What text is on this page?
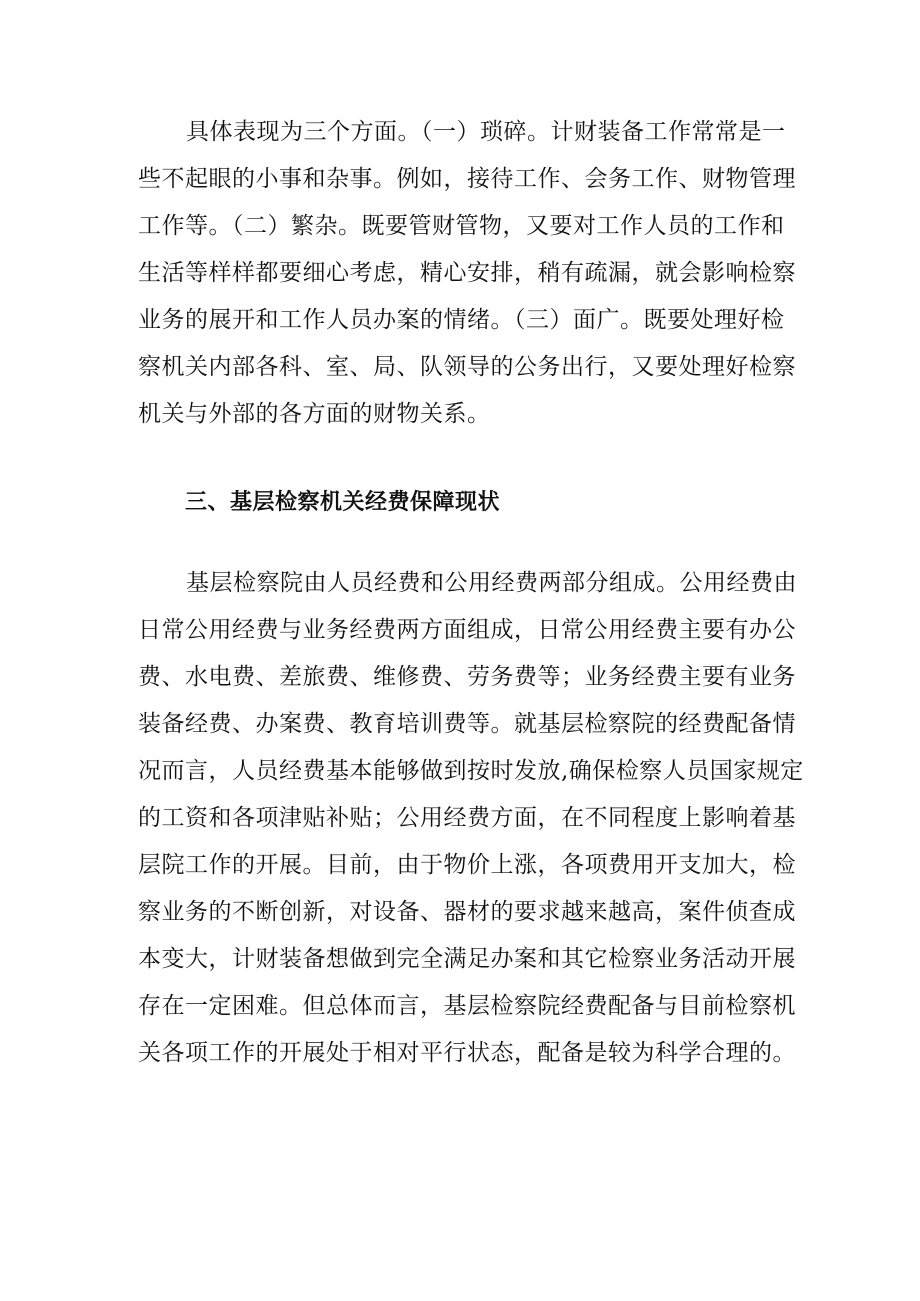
具体表现为三个方面。（一）琐碎。计财装备工作常常是一
些不起眼的小事和杂事。例如，接待工作、会务工作、财物管理
工作等。（二）繁杂。既要管财管物，又要对工作人员的工作和
生活等样样都要细心考虑，精心安排，稍有疏漏，就会影响检察
业务的展开和工作人员办案的情绪。（三）面广。既要处理好检
察机关内部各科、室、局、队领导的公务出行，又要处理好检察
机关与外部的各方面的财物关系。
三、基层检察机关经费保障现状
基层检察院由人员经费和公用经费两部分组成。公用经费由
日常公用经费与业务经费两方面组成，日常公用经费主要有办公
费、水电费、差旅费、维修费、劳务费等；业务经费主要有业务
装备经费、办案费、教育培训费等。就基层检察院的经费配备情
况而言，人员经费基本能够做到按时发放,确保检察人员国家规定
的工资和各项津贴补贴；公用经费方面，在不同程度上影响着基
层院工作的开展。目前，由于物价上涨，各项费用开支加大，检
察业务的不断创新，对设备、器材的要求越来越高，案件侦查成
本变大，计财装备想做到完全满足办案和其它检察业务活动开展
存在一定困难。但总体而言，基层检察院经费配备与目前检察机
关各项工作的开展处于相对平行状态，配备是较为科学合理的。
